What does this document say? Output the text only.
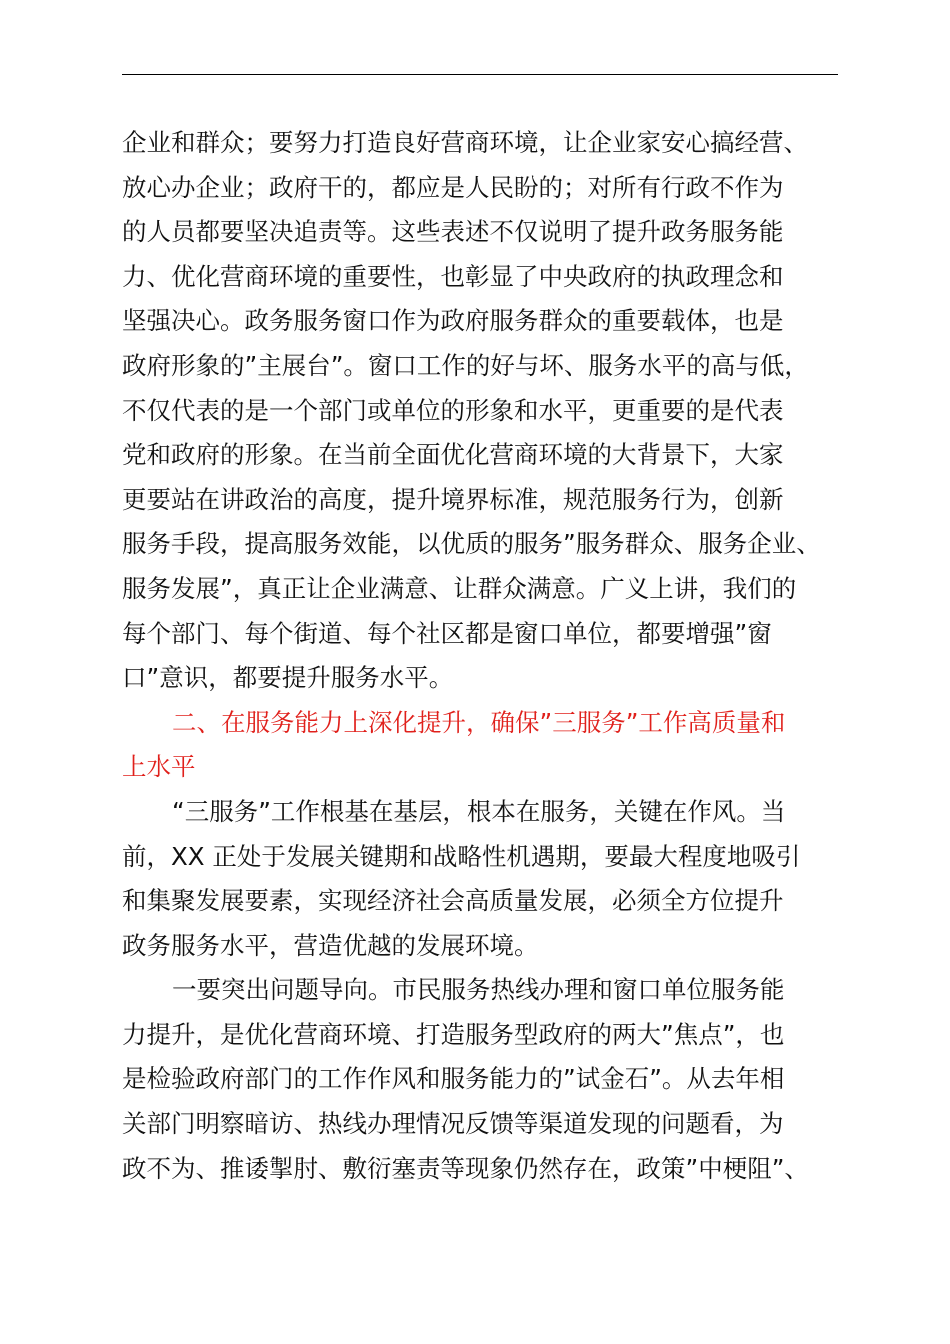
企业和群众；要努力打造良好营商环境，让企业家安心搞经营、
放心办企业；政府干的，都应是人民盼的；对所有行政不作为
的人员都要坚决追责等。这些表述不仅说明了提升政务服务能
力、优化营商环境的重要性，也彰显了中央政府的执政理念和
坚强决心。政务服务窗口作为政府服务群众的重要载体，也是
政府形象的”主展台”。窗口工作的好与坏、服务水平的高与低，
不仅代表的是一个部门或单位的形象和水平，更重要的是代表
党和政府的形象。在当前全面优化营商环境的大背景下，大家
更要站在讲政治的高度，提升境界标准，规范服务行为，创新
服务手段，提高服务效能，以优质的服务”服务群众、服务企业、
服务发展”，真正让企业满意、让群众满意。广义上讲，我们的
每个部门、每个街道、每个社区都是窗口单位，都要增强”窗
口”意识，都要提升服务水平。
二、在服务能力上深化提升，确保”三服务”工作高质量和
上水平
“三服务”工作根基在基层，根本在服务，关键在作风。当
前，XX 正处于发展关键期和战略性机遇期，要最大程度地吸引
和集聚发展要素，实现经济社会高质量发展，必须全方位提升
政务服务水平，营造优越的发展环境。
一要突出问题导向。市民服务热线办理和窗口单位服务能
力提升，是优化营商环境、打造服务型政府的两大”焦点”，也
是检验政府部门的工作作风和服务能力的”试金石”。从去年相
关部门明察暗访、热线办理情况反馈等渠道发现的问题看，为
政不为、推诿掣肘、敷衍塞责等现象仍然存在，政策”中梗阻”、
